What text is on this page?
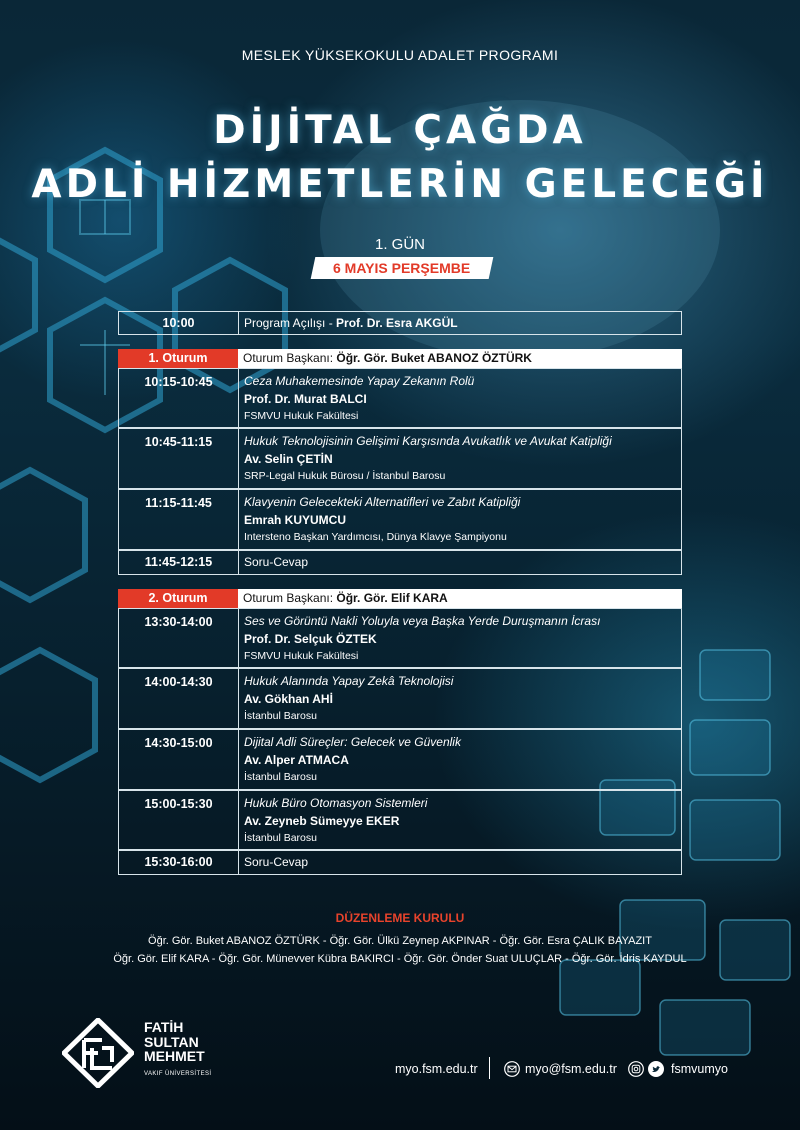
MESLEK YÜKSEKOKULU ADALET PROGRAMI
DİJİTAL ÇAĞDA
ADLİ HİZMETLERİN GELECEĞİ
1. GÜN
6 MAYIS PERŞEMBE
10:00	Program Açılışı - Prof. Dr. Esra AKGÜL
1. Oturum	Oturum Başkanı: Öğr. Gör. Buket ABANOZ ÖZTÜRK
10:15-10:45	Ceza Muhakemesinde Yapay Zekanın Rolü
Prof. Dr. Murat BALCI
FSMVU Hukuk Fakültesi
10:45-11:15	Hukuk Teknolojisinin Gelişimi Karşısında Avukatlık ve Avukat Katipliği
Av. Selin ÇETİN
SRP-Legal Hukuk Bürosu / İstanbul Barosu
11:15-11:45	Klavyenin Gelecekteki Alternatifleri ve Zabıt Katipliği
Emrah KUYUMCU
Intersteno Başkan Yardımcısı, Dünya Klavye Şampiyonu
11:45-12:15	Soru-Cevap
2. Oturum	Oturum Başkanı: Öğr. Gör. Elif KARA
13:30-14:00	Ses ve Görüntü Nakli Yoluyla veya Başka Yerde Duruşmanın İcrası
Prof. Dr. Selçuk ÖZTEK
FSMVU Hukuk Fakültesi
14:00-14:30	Hukuk Alanında Yapay Zekâ Teknolojisi
Av. Gökhan AHİ
İstanbul Barosu
14:30-15:00	Dijital Adli Süreçler: Gelecek ve Güvenlik
Av. Alper ATMACA
İstanbul Barosu
15:00-15:30	Hukuk Büro Otomasyon Sistemleri
Av. Zeyneb Sümeyye EKER
İstanbul Barosu
15:30-16:00	Soru-Cevap
DÜZENLEME KURULU
Öğr. Gör. Buket ABANOZ ÖZTÜRK - Öğr. Gör. Ülkü Zeynep AKPINAR - Öğr. Gör. Esra ÇALIK BAYAZIT
Öğr. Gör. Elif KARA - Öğr. Gör. Münevver Kübra BAKIRCI - Öğr. Gör. Önder Suat ULUÇLAR - Öğr. Gör. İdris KAYDUL
FATİH
SULTAN
MEHMET
VAKIF ÜNİVERSİTESİ	myo.fsm.edu.tr	myo@fsm.edu.tr	fsmvumyo
